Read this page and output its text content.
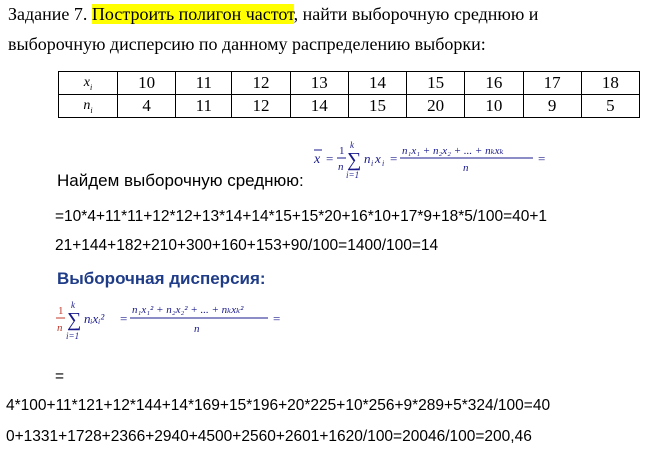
Задание 7. Построить полигон частот, найти выборочную среднюю и
выборочную дисперсию по данному распределению выборки:
$x_i$	10	11	12	13	14	15	16	17	18
$n_i$	4	11	12	14	15	20	10	9	5
x = 1
n
k
∑
i=1
n i x i = n₁x₁ + n₂x₂ + ... + nₖxₖ
n
=
Найдем выборочную среднюю:
=10*4+11*11+12*12+13*14+14*15+15*20+16*10+17*9+18*5/100=40+1
21+144+182+210+300+160+153+90/100=1400/100=14
Выборочная дисперсия:
1
n
k
∑
i=1
nᵢxᵢ² =
n₁x₁² + n₂x₂² + ... + nₖxₖ²
n
=
=
4*100+11*121+12*144+14*169+15*196+20*225+10*256+9*289+5*324/100=40
0+1331+1728+2366+2940+4500+2560+2601+1620/100=20046/100=200,46
